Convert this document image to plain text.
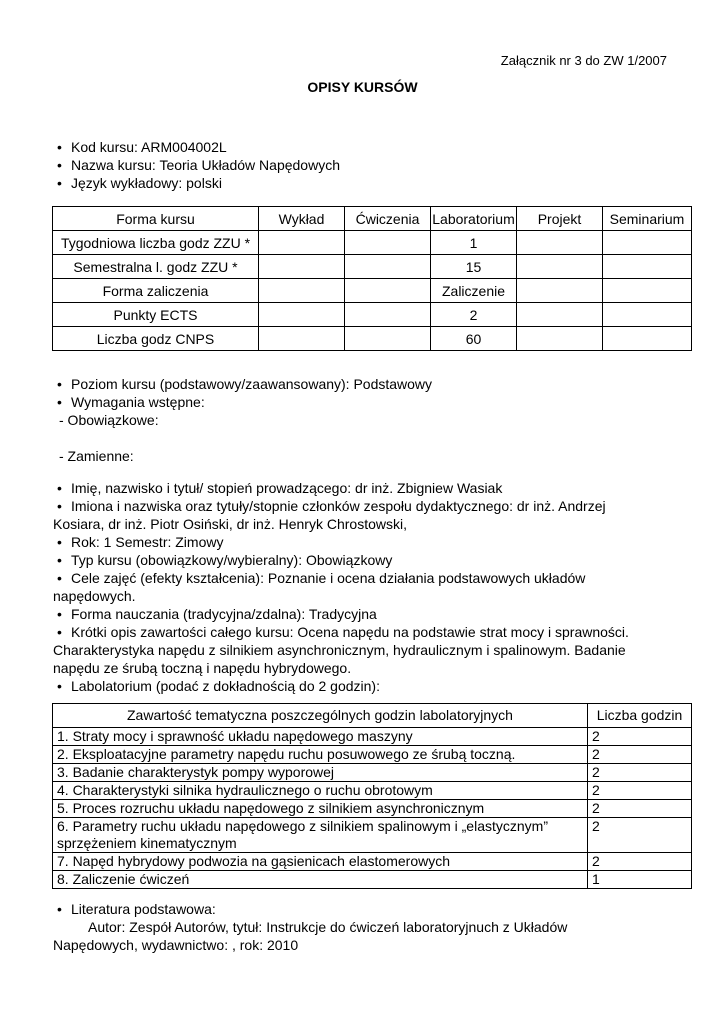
Załącznik nr 3 do ZW 1/2007
OPISY KURSÓW
• Kod kursu: ARM004002L
• Nazwa kursu: Teoria Układów Napędowych
• Język wykładowy: polski
Forma kursu	Wykład	Ćwiczenia	Laboratorium	Projekt	Seminarium
Tygodniowa liczba godz ZZU *			1		
Semestralna l. godz ZZU *			15		
Forma zaliczenia			Zaliczenie		
Punkty ECTS			2		
Liczba godz CNPS			60		
• Poziom kursu (podstawowy/zaawansowany): Podstawowy
• Wymagania wstępne:
- Obowiązkowe:
- Zamienne:
• Imię, nazwisko i tytuł/ stopień prowadzącego: dr inż. Zbigniew Wasiak
• Imiona i nazwiska oraz tytuły/stopnie członków zespołu dydaktycznego: dr inż. Andrzej
Kosiara, dr inż. Piotr Osiński, dr inż. Henryk Chrostowski,
• Rok: 1 Semestr: Zimowy
• Typ kursu (obowiązkowy/wybieralny): Obowiązkowy
• Cele zajęć (efekty kształcenia): Poznanie i ocena działania podstawowych układów
napędowych.
• Forma nauczania (tradycyjna/zdalna): Tradycyjna
• Krótki opis zawartości całego kursu: Ocena napędu na podstawie strat mocy i sprawności.
Charakterystyka napędu z silnikiem asynchronicznym, hydraulicznym i spalinowym. Badanie
napędu ze śrubą toczną i napędu hybrydowego.
• Labolatorium (podać z dokładnością do 2 godzin):
Zawartość tematyczna poszczególnych godzin labolatoryjnych	Liczba godzin
1. Straty mocy i sprawność układu napędowego maszyny	2
2. Eksploatacyjne parametry napędu ruchu posuwowego ze śrubą toczną.	2
3. Badanie charakterystyk pompy wyporowej	2
4. Charakterystyki silnika hydraulicznego o ruchu obrotowym	2
5. Proces rozruchu układu napędowego z silnikiem asynchronicznym	2
6. Parametry ruchu układu napędowego z silnikiem spalinowym i „elastycznym” sprzężeniem kinematycznym	2
7. Napęd hybrydowy podwozia na gąsienicach elastomerowych	2
8. Zaliczenie ćwiczeń	1
• Literatura podstawowa:
Autor: Zespół Autorów, tytuł: Instrukcje do ćwiczeń laboratoryjnuch z Układów
Napędowych, wydawnictwo: , rok: 2010
